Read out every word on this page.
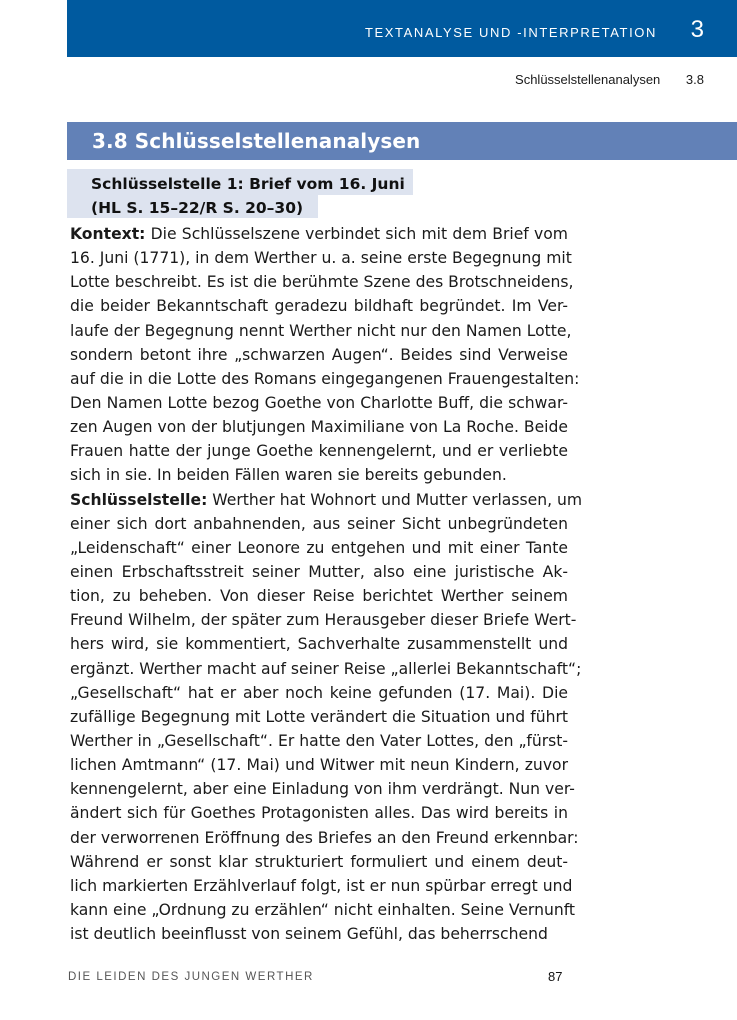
TEXTANALYSE UND -INTERPRETATION 3
Schlüsselstellenanalysen 3.8
3.8 Schlüsselstellenanalysen
Schlüsselstelle 1: Brief vom 16. Juni
(HL S. 15–22/R S. 20–30)
Kontext: Die Schlüsselszene verbindet sich mit dem Brief vom
16. Juni (1771), in dem Werther u. a. seine erste Begegnung mit
Lotte beschreibt. Es ist die berühmte Szene des Brotschneidens,
die beider Bekanntschaft geradezu bildhaft begründet. Im Ver-
laufe der Begegnung nennt Werther nicht nur den Namen Lotte,
sondern betont ihre „schwarzen Augen“. Beides sind Verweise
auf die in die Lotte des Romans eingegangenen Frauengestalten:
Den Namen Lotte bezog Goethe von Charlotte Buff, die schwar-
zen Augen von der blutjungen Maximiliane von La Roche. Beide
Frauen hatte der junge Goethe kennengelernt, und er verliebte
sich in sie. In beiden Fällen waren sie bereits gebunden.
Schlüsselstelle: Werther hat Wohnort und Mutter verlassen, um
einer sich dort anbahnenden, aus seiner Sicht unbegründeten
„Leidenschaft“ einer Leonore zu entgehen und mit einer Tante
einen Erbschaftsstreit seiner Mutter, also eine juristische Ak-
tion, zu beheben. Von dieser Reise berichtet Werther seinem
Freund Wilhelm, der später zum Herausgeber dieser Briefe Wert-
hers wird, sie kommentiert, Sachverhalte zusammenstellt und
ergänzt. Werther macht auf seiner Reise „allerlei Bekanntschaft“;
„Gesellschaft“ hat er aber noch keine gefunden (17. Mai). Die
zufällige Begegnung mit Lotte verändert die Situation und führt
Werther in „Gesellschaft“. Er hatte den Vater Lottes, den „fürst-
lichen Amtmann“ (17. Mai) und Witwer mit neun Kindern, zuvor
kennengelernt, aber eine Einladung von ihm verdrängt. Nun ver-
ändert sich für Goethes Protagonisten alles. Das wird bereits in
der verworrenen Eröffnung des Briefes an den Freund erkennbar:
Während er sonst klar strukturiert formuliert und einem deut-
lich markierten Erzählverlauf folgt, ist er nun spürbar erregt und
kann eine „Ordnung zu erzählen“ nicht einhalten. Seine Vernunft
ist deutlich beeinflusst von seinem Gefühl, das beherrschend
DIE LEIDEN DES JUNGEN WERTHER	87
